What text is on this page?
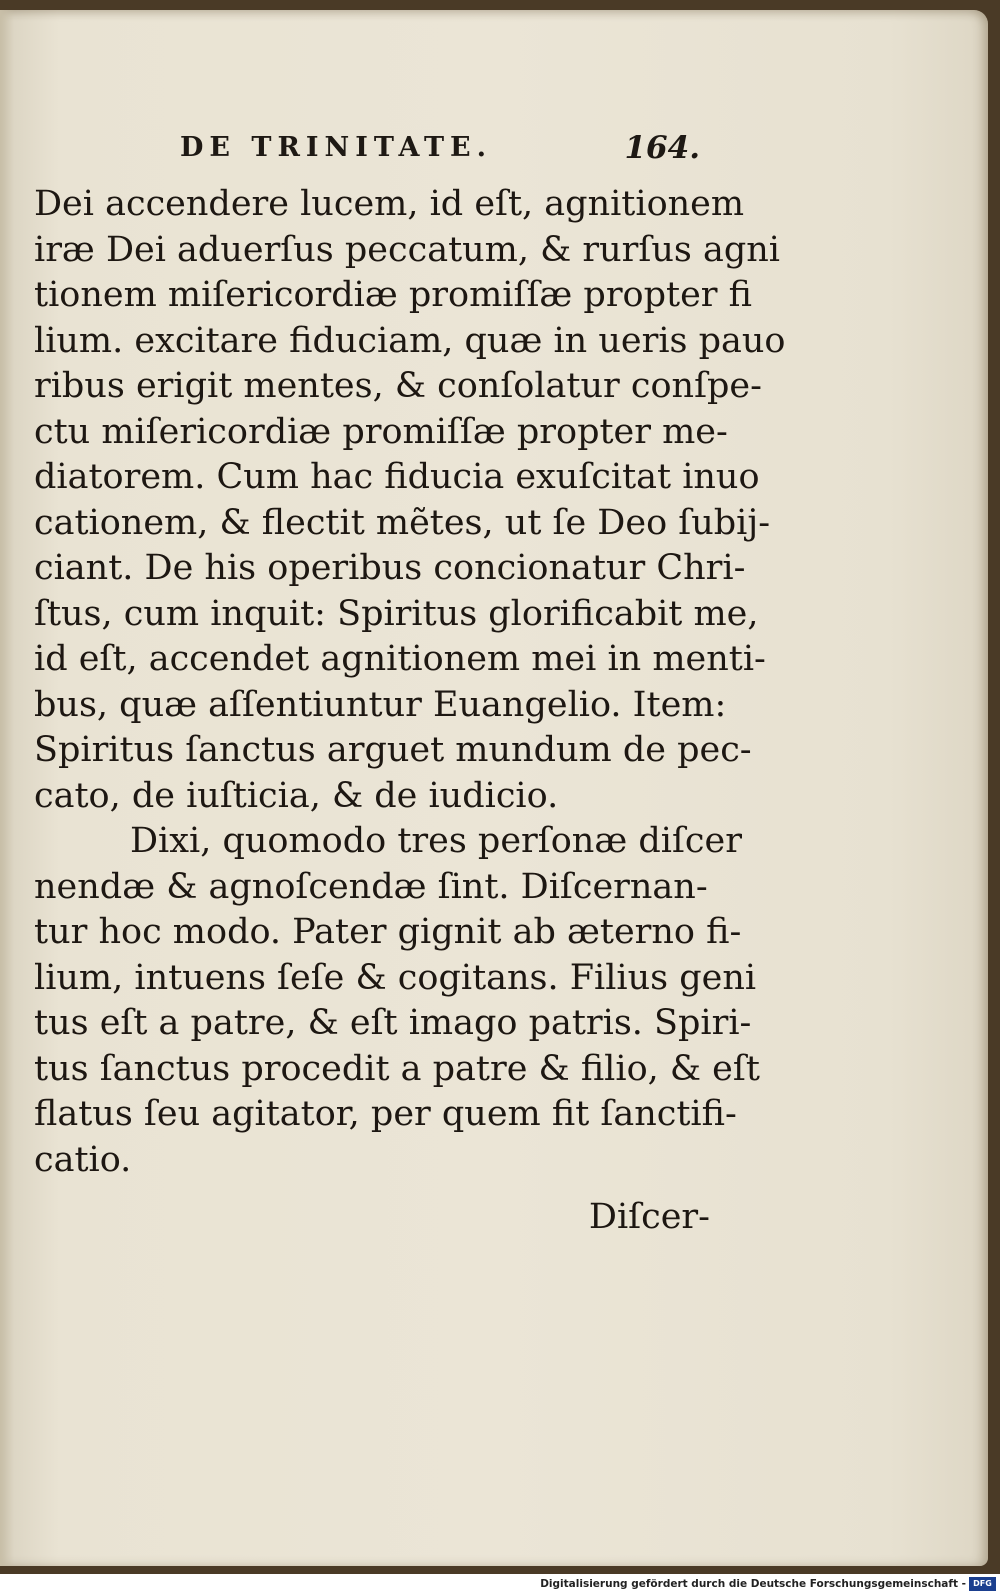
DE TRINITATE.	164.
Dei accendere lucem, id eſt, agnitionem
iræ Dei aduerſus peccatum, & rurſus agni
tionem miſericordiæ promiſſæ propter fi
lium. excitare fiduciam, quæ in ueris pauo
ribus erigit mentes, & conſolatur conſpe-
ctu miſericordiæ promiſſæ propter me-
diatorem. Cum hac fiducia exuſcitat inuo
cationem, & flectit mẽtes, ut ſe Deo ſubij-
ciant. De his operibus concionatur Chri-
ſtus, cum inquit: Spiritus glorificabit me,
id eſt, accendet agnitionem mei in menti-
bus, quæ aſſentiuntur Euangelio. Item:
Spiritus ſanctus arguet mundum de pec-
cato, de iuſticia, & de iudicio.
Dixi, quomodo tres perſonæ diſcer
nendæ & agnoſcendæ ſint. Diſcernan-
tur hoc modo. Pater gignit ab æterno fi-
lium, intuens ſeſe & cogitans. Filius geni
tus eſt a patre, & eſt imago patris. Spiri-
tus ſanctus procedit a patre & filio, & eſt
flatus ſeu agitator, per quem fit ſanctifi-
catio.
Diſcer-
Digitalisierung gefördert durch die Deutsche Forschungsgemeinschaft - DFG
